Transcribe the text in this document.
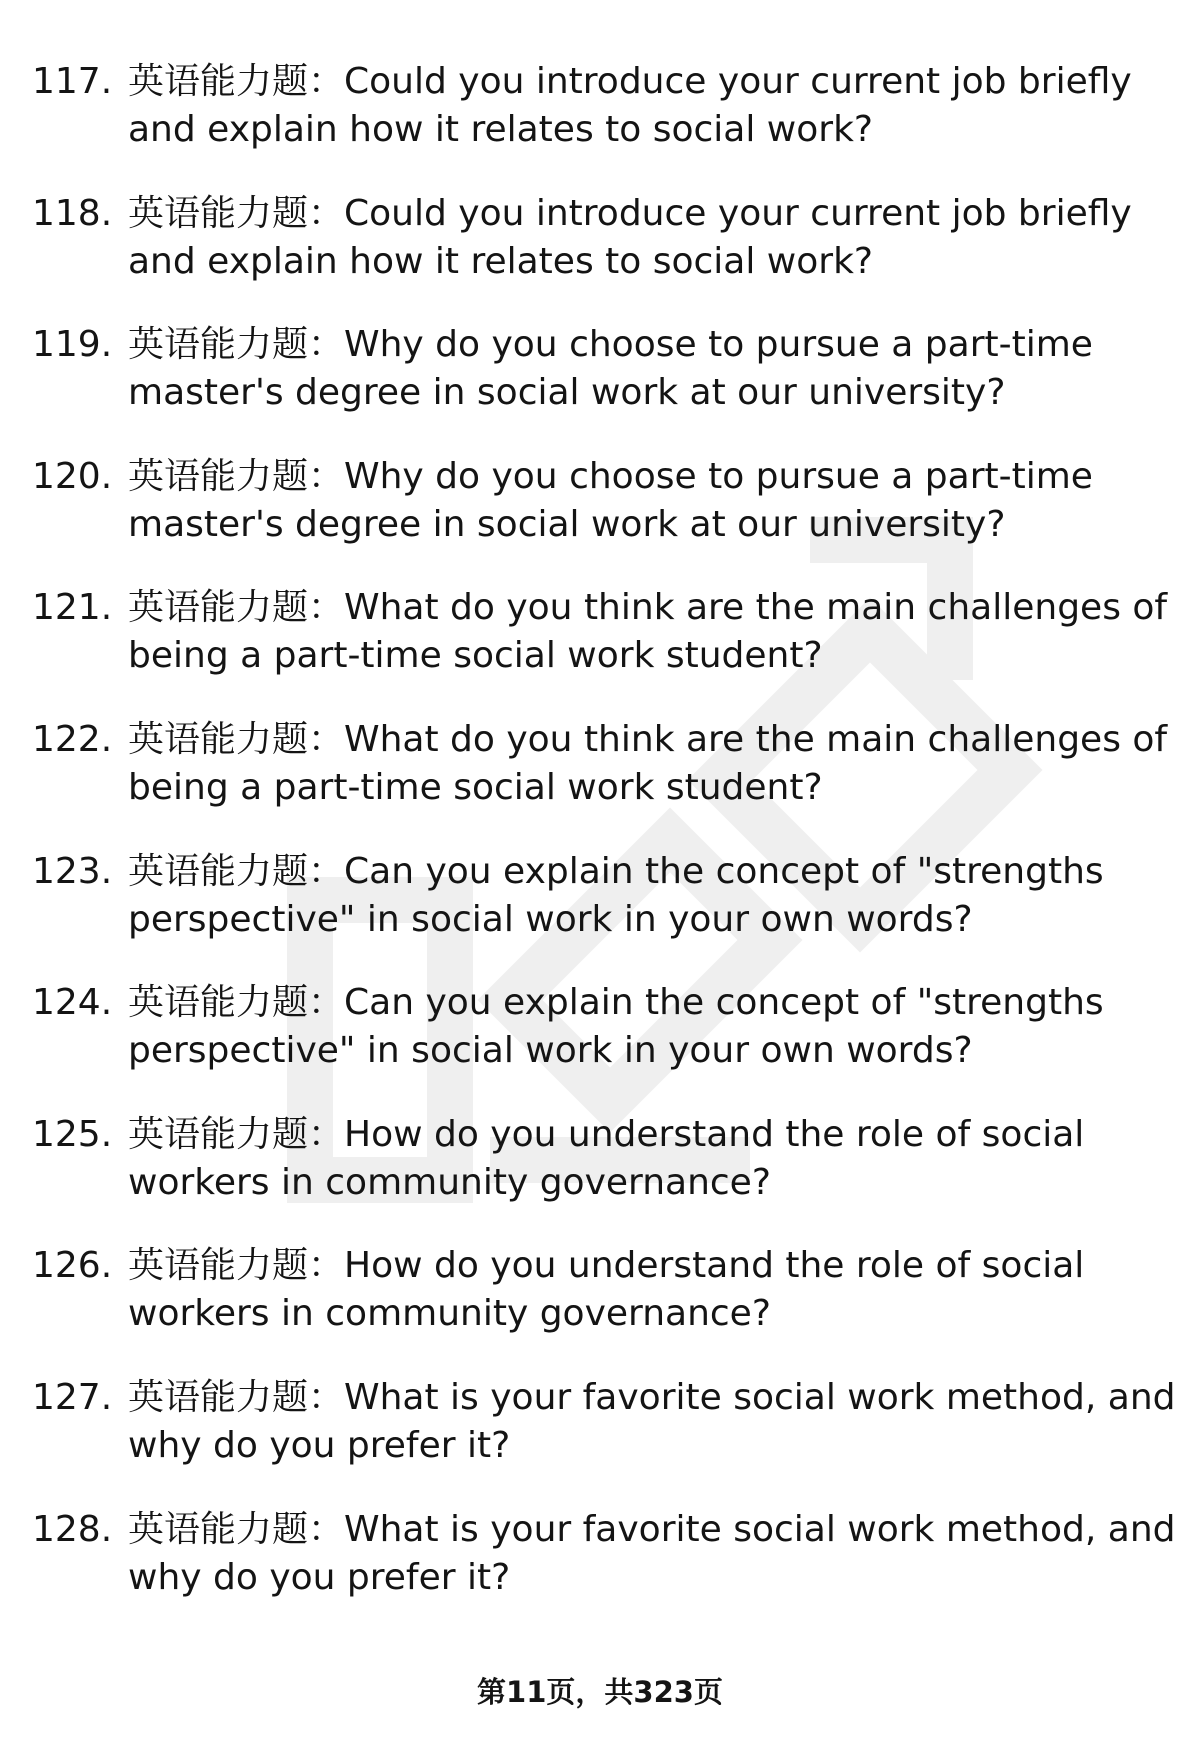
117. 英语能力题：Could you introduce your current job briefly
and explain how it relates to social work?
118. 英语能力题：Could you introduce your current job briefly
and explain how it relates to social work?
119. 英语能力题：Why do you choose to pursue a part-time
master's degree in social work at our university?
120. 英语能力题：Why do you choose to pursue a part-time
master's degree in social work at our university?
121. 英语能力题：What do you think are the main challenges of
being a part-time social work student?
122. 英语能力题：What do you think are the main challenges of
being a part-time social work student?
123. 英语能力题：Can you explain the concept of "strengths
perspective" in social work in your own words?
124. 英语能力题：Can you explain the concept of "strengths
perspective" in social work in your own words?
125. 英语能力题：How do you understand the role of social
workers in community governance?
126. 英语能力题：How do you understand the role of social
workers in community governance?
127. 英语能力题：What is your favorite social work method, and
why do you prefer it?
128. 英语能力题：What is your favorite social work method, and
why do you prefer it?
第11页，共323页
